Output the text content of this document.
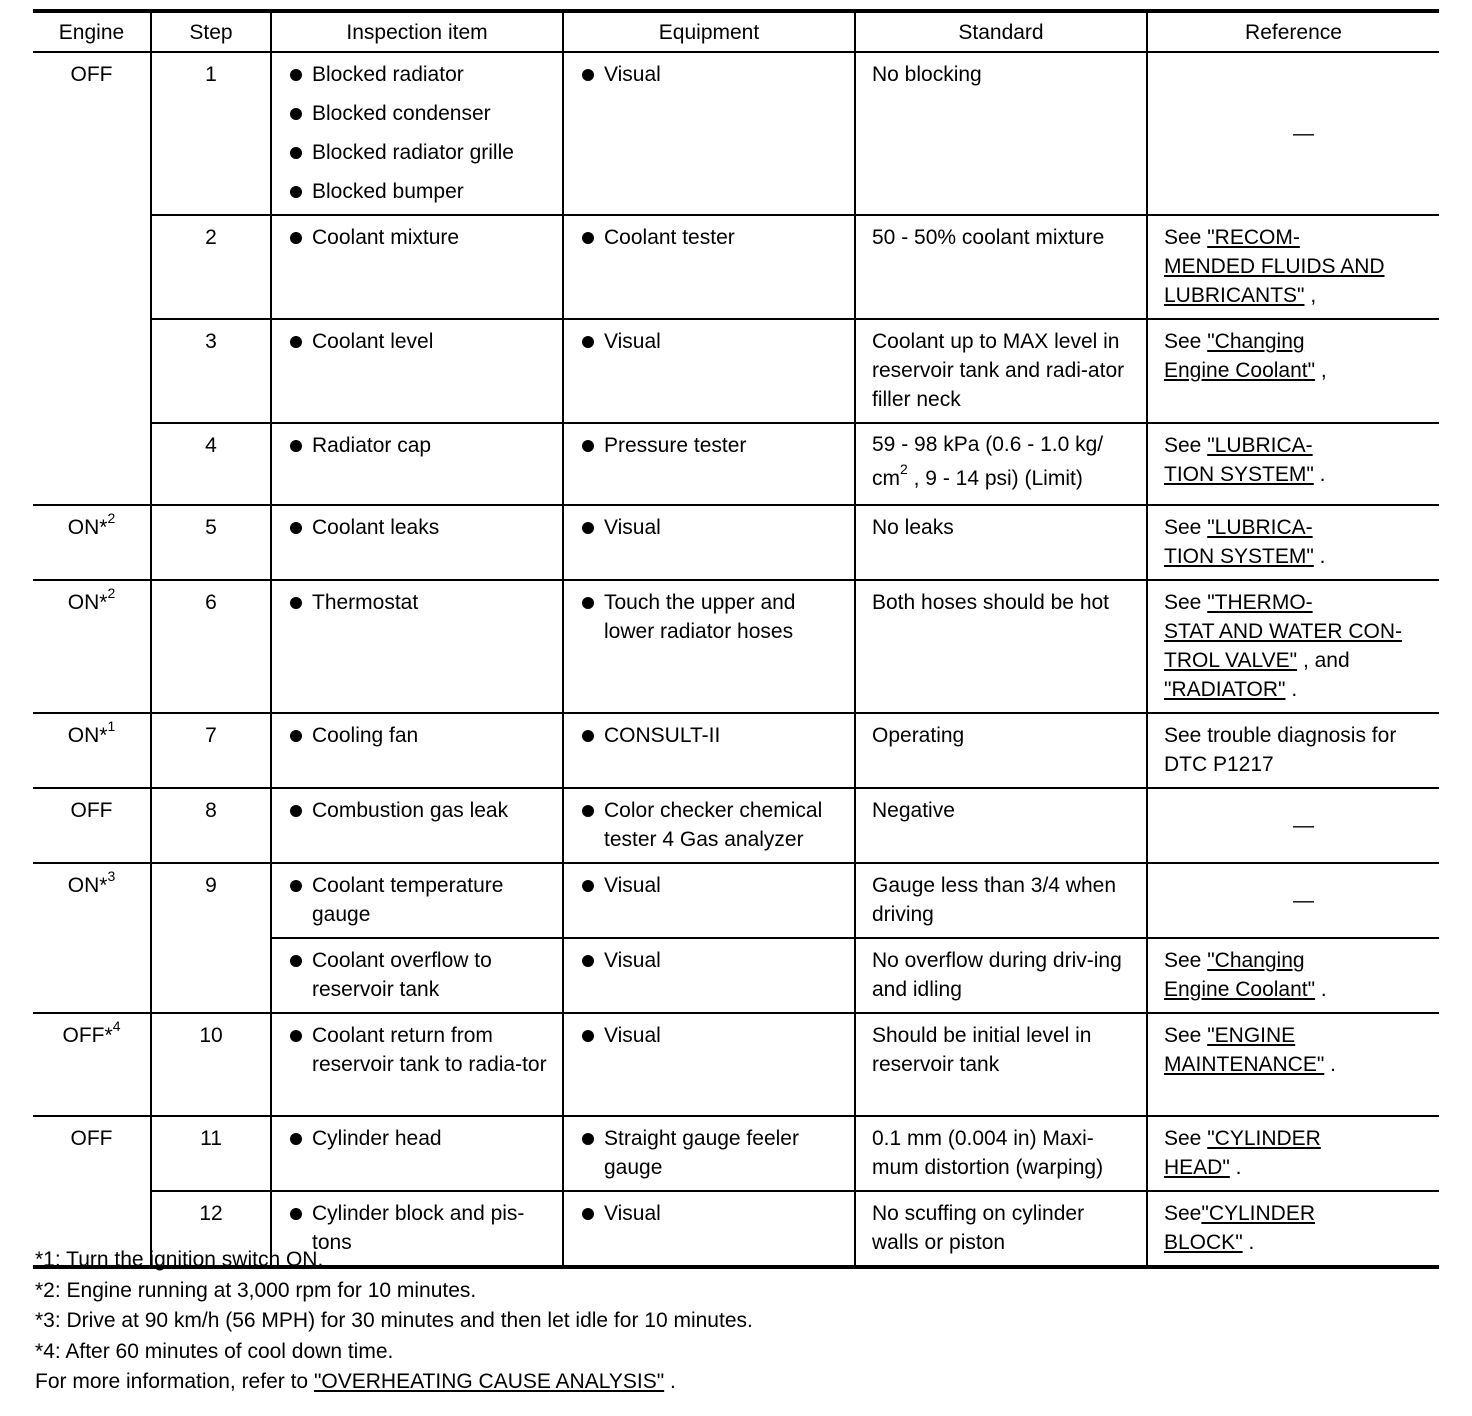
Engine	Step	Inspection item	Equipment	Standard	Reference
OFF	1	Blocked radiator
Blocked condenser
Blocked radiator grille
Blocked bumper	Visual	No blocking	—
	2	Coolant mixture	Coolant tester	50 - 50% coolant mixture	See "RECOM-
MENDED FLUIDS AND
LUBRICANTS" ,
	3	Coolant level	Visual	Coolant up to MAX level in reservoir tank and radi-ator filler neck	See "Changing
Engine Coolant" ,
	4	Radiator cap	Pressure tester	59 - 98 kPa (0.6 - 1.0 kg/ $cm^2$ , 9 - 14 psi) (Limit)	See "LUBRICA-
TION SYSTEM" .
ON*$^2$	5	Coolant leaks	Visual	No leaks	See "LUBRICA-
TION SYSTEM" .
ON*$^2$	6	Thermostat	Touch the upper and lower radiator hoses	Both hoses should be hot	See "THERMO-
STAT AND WATER CON-
TROL VALVE" , and
"RADIATOR" .
ON*$^1$	7	Cooling fan	CONSULT-II	Operating	See trouble diagnosis for DTC P1217
OFF	8	Combustion gas leak	Color checker chemical tester 4 Gas analyzer	Negative	—
ON*$^3$	9	Coolant temperature gauge	Visual	Gauge less than 3/4 when driving	—

		Coolant overflow to reservoir tank	Visual	No overflow during driv-ing and idling	See "Changing
Engine Coolant" .
OFF*$^4$	10	Coolant return from reservoir tank to radia-tor	Visual	Should be initial level in reservoir tank	See "ENGINE
MAINTENANCE" .
OFF	11	Cylinder head	Straight gauge feeler gauge	0.1 mm (0.004 in) Maxi-mum distortion (warping)	See "CYLINDER
HEAD" .
	12	Cylinder block and pis-tons	Visual	No scuffing on cylinder walls or piston	See"CYLINDER
BLOCK" .
*1: Turn the ignition switch ON.
*2: Engine running at 3,000 rpm for 10 minutes.
*3: Drive at 90 km/h (56 MPH) for 30 minutes and then let idle for 10 minutes.
*4: After 60 minutes of cool down time.
For more information, refer to "OVERHEATING CAUSE ANALYSIS" .
